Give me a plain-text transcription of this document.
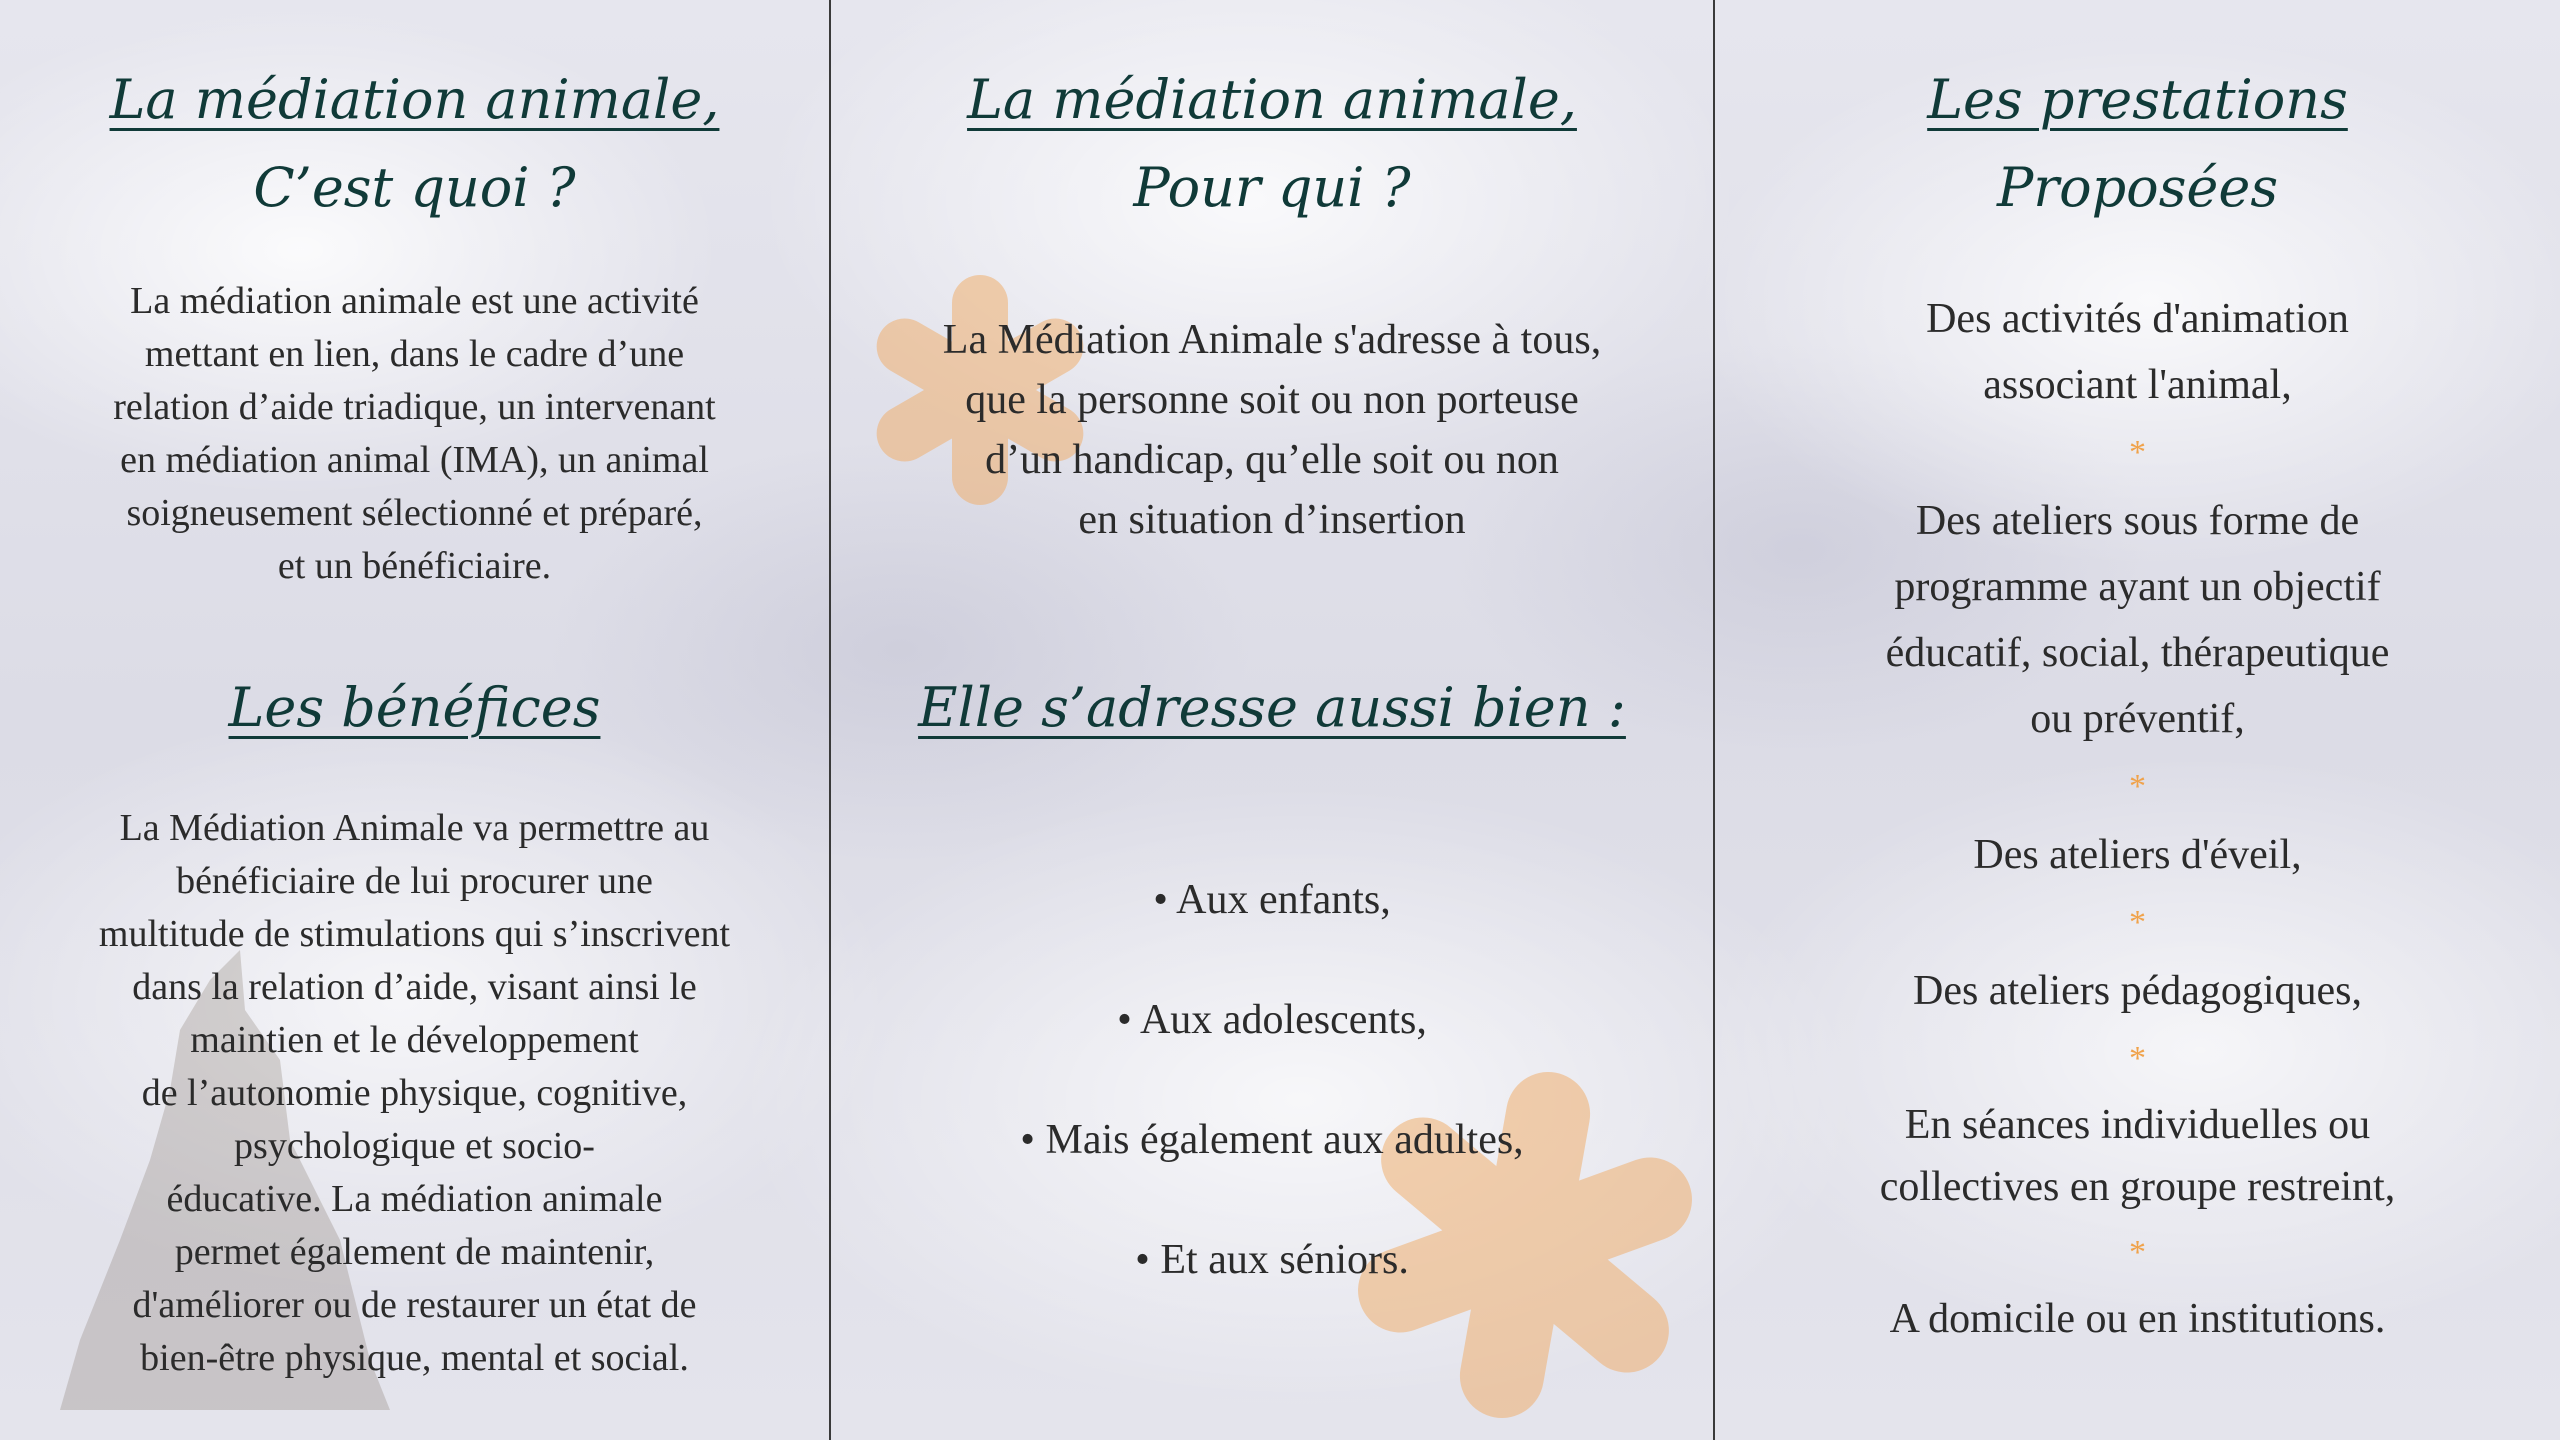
La médiation animale,

C’est quoi ?

La médiation animale est une activité

mettant en lien, dans le cadre d’une

relation d’aide triadique, un intervenant

en médiation animal (IMA), un animal

soigneusement sélectionné et préparé,

et un bénéficiaire.

Les bénéfices

La Médiation Animale va permettre au

bénéficiaire de lui procurer une

multitude de stimulations qui s’inscrivent

dans la relation d’aide, visant ainsi le

maintien et le développement

de l’autonomie physique, cognitive,

psychologique et socio-

éducative. La médiation animale

permet également de maintenir,

d'améliorer ou de restaurer un état de

bien-être physique, mental et social.

La médiation animale,

Pour qui ?

La Médiation Animale s'adresse à tous,

que la personne soit ou non porteuse

d’un handicap, qu’elle soit ou non

en situation d’insertion

Elle s’adresse aussi bien :

• Aux enfants,

• Aux adolescents,

• Mais également aux adultes,

• Et aux séniors.

Les prestations

Proposées

Des activités d'animation

associant l'animal,

*

Des ateliers sous forme de

programme ayant un objectif

éducatif, social, thérapeutique

ou préventif,

*

Des ateliers d'éveil,

*

Des ateliers pédagogiques,

*

En séances individuelles ou

collectives en groupe restreint,

*

A domicile ou en institutions.
